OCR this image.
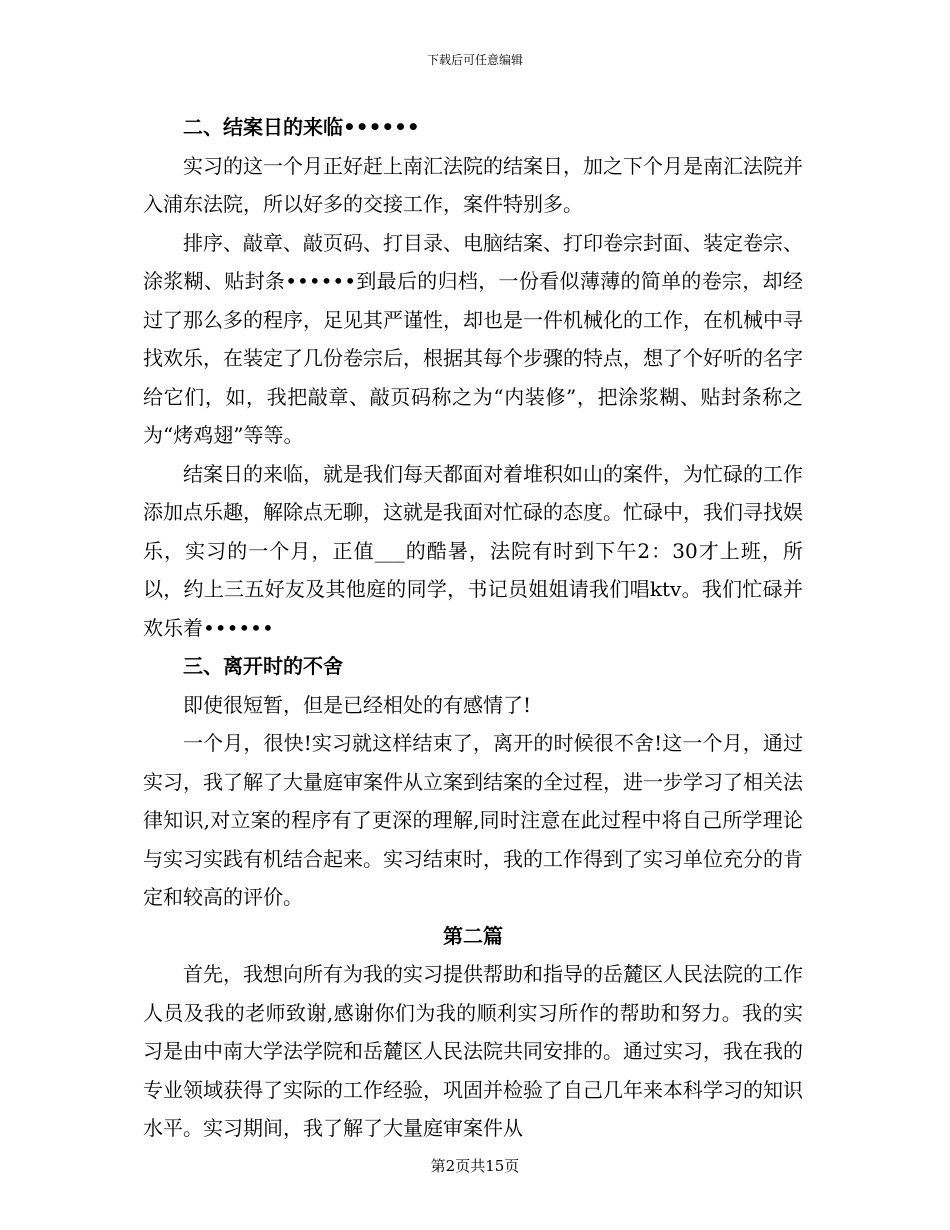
下载后可任意编辑

二、结案日的来临••••••

实习的这一个月正好赶上南汇法院的结案日，加之下个月是南汇法院并入浦东法院，所以好多的交接工作，案件特别多。

排序、敲章、敲页码、打目录、电脑结案、打印卷宗封面、装定卷宗、涂浆糊、贴封条••••••到最后的归档，一份看似薄薄的简单的卷宗，却经过了那么多的程序，足见其严谨性，却也是一件机械化的工作，在机械中寻找欢乐，在装定了几份卷宗后，根据其每个步骤的特点，想了个好听的名字给它们，如，我把敲章、敲页码称之为“内装修”，把涂浆糊、贴封条称之为“烤鸡翅”等等。

结案日的来临，就是我们每天都面对着堆积如山的案件，为忙碌的工作添加点乐趣，解除点无聊，这就是我面对忙碌的态度。忙碌中，我们寻找娱乐，实习的一个月，正值___的酷暑，法院有时到下午2：30才上班，所以，约上三五好友及其他庭的同学，书记员姐姐请我们唱ktv。我们忙碌并欢乐着••••••

三、离开时的不舍

即使很短暂，但是已经相处的有感情了!

一个月，很快!实习就这样结束了，离开的时候很不舍!这一个月，通过实习，我了解了大量庭审案件从立案到结案的全过程，进一步学习了相关法律知识,对立案的程序有了更深的理解,同时注意在此过程中将自己所学理论与实习实践有机结合起来。实习结束时，我的工作得到了实习单位充分的肯定和较高的评价。

第二篇

首先，我想向所有为我的实习提供帮助和指导的岳麓区人民法院的工作人员及我的老师致谢,感谢你们为我的顺利实习所作的帮助和努力。我的实习是由中南大学法学院和岳麓区人民法院共同安排的。通过实习，我在我的专业领域获得了实际的工作经验，巩固并检验了自己几年来本科学习的知识水平。实习期间，我了解了大量庭审案件从

第2页共15页
